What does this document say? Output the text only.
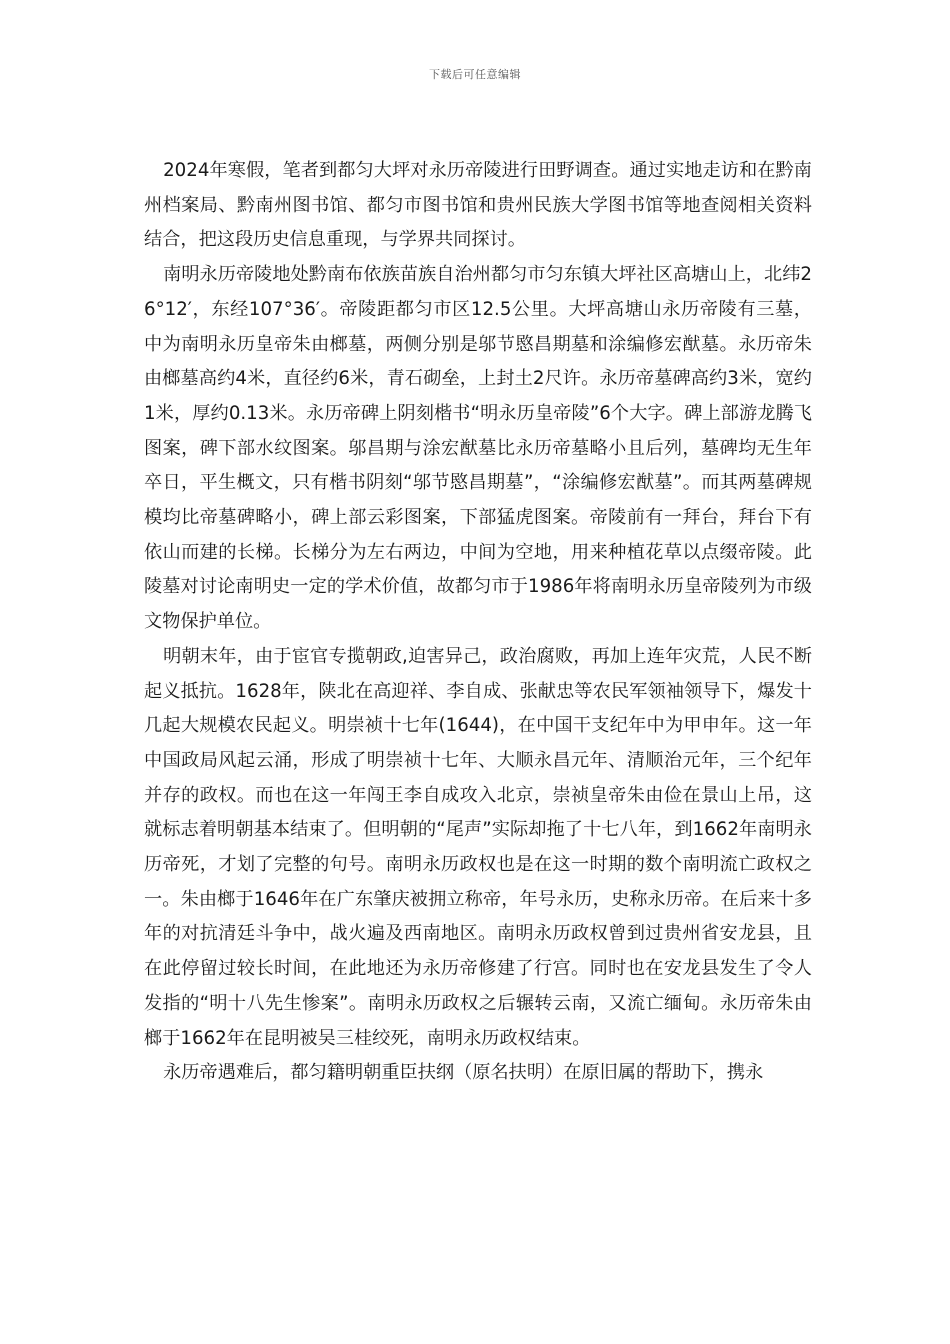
下载后可任意编辑

2024年寒假，笔者到都匀大坪对永历帝陵进行田野调查。通过实地走访和在黔南州档案局、黔南州图书馆、都匀市图书馆和贵州民族大学图书馆等地查阅相关资料结合，把这段历史信息重现，与学界共同探讨。

南明永历帝陵地处黔南布依族苗族自治州都匀市匀东镇大坪社区高塘山上，北纬26°12′，东经107°36′。帝陵距都匀市区12.5公里。大坪高塘山永历帝陵有三墓，中为南明永历皇帝朱由榔墓，两侧分别是邬节愍昌期墓和涂编修宏猷墓。永历帝朱由榔墓高约4米，直径约6米，青石砌垒，上封土2尺许。永历帝墓碑高约3米，宽约1米，厚约0.13米。永历帝碑上阴刻楷书“明永历皇帝陵”6个大字。碑上部游龙腾飞图案，碑下部水纹图案。邬昌期与涂宏猷墓比永历帝墓略小且后列，墓碑均无生年卒日，平生概文，只有楷书阴刻“邬节愍昌期墓”，“涂编修宏猷墓”。而其两墓碑规模均比帝墓碑略小，碑上部云彩图案，下部猛虎图案。帝陵前有一拜台，拜台下有依山而建的长梯。长梯分为左右两边，中间为空地，用来种植花草以点缀帝陵。此陵墓对讨论南明史一定的学术价值，故都匀市于1986年将南明永历皇帝陵列为市级文物保护单位。

明朝末年，由于宦官专揽朝政,迫害异己，政治腐败，再加上连年灾荒，人民不断起义抵抗。1628年，陕北在高迎祥、李自成、张献忠等农民军领袖领导下，爆发十几起大规模农民起义。明崇祯十七年(1644)，在中国干支纪年中为甲申年。这一年中国政局风起云涌，形成了明崇祯十七年、大顺永昌元年、清顺治元年，三个纪年并存的政权。而也在这一年闯王李自成攻入北京，崇祯皇帝朱由俭在景山上吊，这就标志着明朝基本结束了。但明朝的“尾声”实际却拖了十七八年，到1662年南明永历帝死，才划了完整的句号。南明永历政权也是在这一时期的数个南明流亡政权之一。朱由榔于1646年在广东肇庆被拥立称帝，年号永历，史称永历帝。在后来十多年的对抗清廷斗争中，战火遍及西南地区。南明永历政权曾到过贵州省安龙县，且在此停留过较长时间，在此地还为永历帝修建了行宫。同时也在安龙县发生了令人发指的“明十八先生惨案”。南明永历政权之后辗转云南，又流亡缅甸。永历帝朱由榔于1662年在昆明被吴三桂绞死，南明永历政权结束。

永历帝遇难后，都匀籍明朝重臣扶纲（原名扶明）在原旧属的帮助下，携永
